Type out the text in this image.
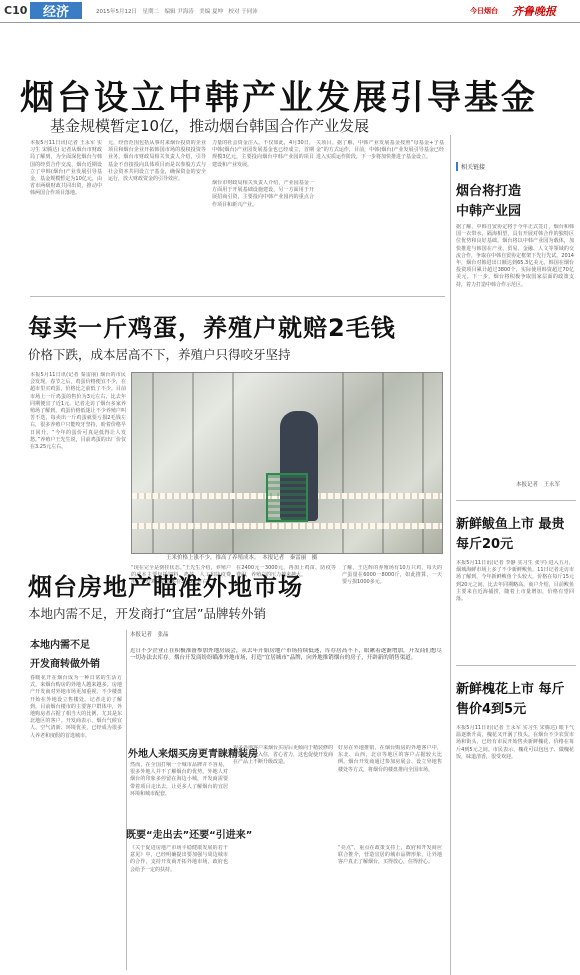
C10	经济	2015年5月12日　星期二　编辑 尹海涛　美编 夏坤　校对 于同沛	今日烟台 齐鲁晚报
烟台设立中韩产业发展引导基金
基金规模暂定10亿，推动烟台韩国合作产业发展
本报5月11日讯(记者 王永军 实习生 宋腾达) 记者从烟台市财政局了解到，为全面深化烟台与韩国的经贸合作交流，烟台近期设立了中韩(烟台)产业发展引导基金，基金规模暂定为10亿元，由省市两级财政共同出资，推动中韩两国合作项目落地。
元，经营范围包括从事对来烟台投资的企业项目和烟台企业开拓韩国市场的股权投资等业务。烟台市财政局相关负责人介绍，引导基金不直接投向具体项目而是以参股方式与社会资本共同设立子基金，确保资金的安全运行，放大财政资金的引导效应。
力量的社会资金注入。不仅如此，4月30日，中韩(烟台)产业园发展基金也已经成立，首期规模3亿元，主要投向烟台中韩产业园的项目建设和产业发展。
烟台市财政局相关负责人介绍，产业园基金一方面用于开展基础设施建设，另一方面用于开展招商引资，主要投向中韩产业园内的重点合作项目和新兴产业。
关项目。据了解，中韩产业发展基金按照“母基金+子基金”的方式运作，目前，中韩(烟台)产业发展引导基金已经进入实质运作阶段，下一步将加快推进子基金设立。
相关链接
烟台将打造
中韩产业园
据了解，中韩自贸协定将于今年正式签订，烟台和韩国一衣带水，隔海相望，具有开展对韩合作的独特区位优势和良好基础。烟台将以中韩产业园为载体，加快推进与韩国在产业、贸易、金融、人文等领域的交流合作，争取在中韩自贸协定框架下先行先试。2014年，烟台对韩进出口额达到65.3亿美元，韩国在烟台投资项目累计超过3800个，实际使用韩资超过70亿美元。下一步，烟台将积极争取国家层面的政策支持，着力打造中韩合作示范区。
本报记者　王永军
新鲜鲅鱼上市 最贵每斤20元
本报5月11日讯(记者 李静 实习生 张宇) 进入五月，烟城海鲜市场上多了不少新鲜鲅鱼。11日记者走访市场了解到，今年新鲜鲅鱼个头较大，价格在每斤15元到20元之间，比去年同期略高。商户介绍，目前鲅鱼主要来自近海捕捞，随着上市量增加，价格有望回落。
新鲜槐花上市 每斤售价4到5元
本报5月11日讯(记者 王永军 实习生 宋腾达) 眼下气温逐渐升高，槐花又开满了枝头。在烟台不少农贸市场和街头，已经有市民开始售卖新鲜槐花，价格在每斤4到5元之间。市民表示，槐花可以包包子、做槐花饭，味道清香，很受欢迎。
每卖一斤鸡蛋，养殖户就赔2毛钱
价格下跌，成本居高不下，养殖户只得咬牙坚持
本报5月11日讯(记者 秦雷丽) 烟台的市民会发现，春节之后，鸡蛋价格便宜不少，在超市里买鸡蛋，价格比之前低了不少。目前市场上一斤鸡蛋的售价为3元左右，比去年同期便宜了近1元。记者走访了烟台多家养殖场了解到，鸡蛋价格低迷让不少养殖户叫苦不迭，每卖出一斤鸡蛋就要亏损2毛钱左右，很多养殖户只能咬牙坚持，盼着价格早日回升。“今年的蛋价可真是低得让人发愁。”养殖户王先生说，目前鸡蛋的出厂价仅在3.25元左右。
王米价格上涨不少，推高了养殖成本。　本报记者　秦雷丽　摄
“现在完全是倒挂状态。”王先生介绍，养殖户的成本主要包括饲料、鸡苗、人工和防疫费用，每斤鸡蛋的成本在3.45元左右。
在2400元一3000元，再加上鸡苗、防疫等费用，养殖户的压力越来越大。
了解，王达辉的养殖场有10万只鸡，每天的产蛋量在6000一8000斤，如此推算，一天要亏损1000多元。
烟台房地产瞄准外地市场
本地内需不足，开发商打“宜居”品牌转外销
本地内需不足
开发商转做外销
春暖花开在烟台成为一种日常的生活方式，来烟台购房的外地人越来越多。房地产开发商对外地市场更加重视，不少楼盘开始在外地设立售楼处。记者走访了解到，目前烟台楼市的主要客户群体中，外地购房者占据了相当大的比例，尤其是东北地区的客户。开发商表示，烟台气候宜人、空气清新、环境优美，已经成为很多人养老和度假的首选城市。
本报记者　张晶
近日不少企业正在积极准备参加外地房展会，从去年开始房地产市场持续低迷，库存居高不下，眼瞅着逐渐增加，开发商们想尽一切办法去库存。烟台开发商纷纷瞄准外地市场，打造“宜居城市”品牌，向外地推销烟台的房子，开辟新的销售渠道。
外地人来烟买房更青睐精装房
然而，在全国打响一个城市品牌并不容易，很多外地人并不了解烟台的优势。外地人对烟台的印象多停留在海边小城，开发商需要带着项目走出去，让更多人了解烟台的宜居环境和城市配套。
很多外地客户来烟台买房后更倾向于精装修的房子，拎包入住，省心省力，这也促使开发商在产品上不断升级改造。
好房在外地推销，在烟台购房的外地客户中，东北、山西、北京等地区的客户占据较大比例。烟台开发商通过参加房展会、设立异地售楼处等方式，将烟台的楼盘推向全国市场。
既要“走出去”还要“引进来”
《关于促进房地产市场平稳健康发展的若干意见》中，已经明确提出要加强与周边城市的合作，支持开发商开拓外地市场，政府也会给予一定的扶持。
“亮点”，重点在政策支持上，政府和开发商应联合推介，营造宜居的城市品牌形象，让外地客户真正了解烟台，买得放心，住得舒心。
